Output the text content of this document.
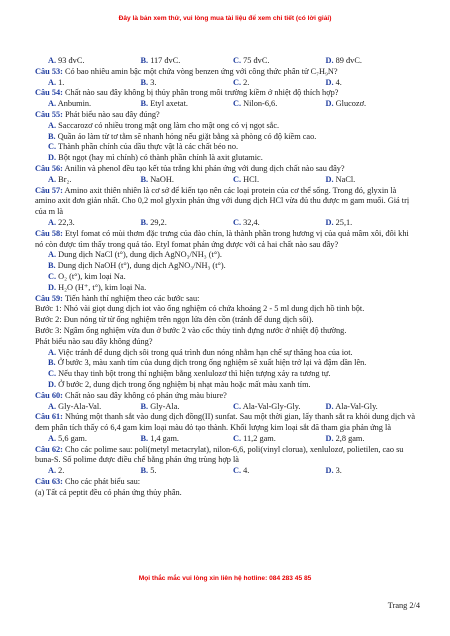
Đây là bản xem thử, vui lòng mua tài liệu để xem chi tiết (có lời giải)
A. 93 đvC.	B. 117 đvC.	C. 75 đvC.	D. 89 đvC.
Câu 53: Có bao nhiêu amin bậc một chứa vòng benzen ứng với công thức phân tử C₇H₉N?
A. 1.	B. 3.	C. 2.	D. 4.
Câu 54: Chất nào sau đây không bị thủy phân trong môi trường kiềm ở nhiệt độ thích hợp?
A. Anbumin.	B. Etyl axetat.	C. Nilon-6,6.	D. Glucozơ.
Câu 55: Phát biểu nào sau đây đúng?
A. Saccarozơ có nhiều trong mật ong làm cho mật ong có vị ngọt sắc.
B. Quần áo làm từ tơ tằm sẽ nhanh hỏng nếu giặt bằng xà phòng có độ kiềm cao.
C. Thành phần chính của dầu thực vật là các chất béo no.
D. Bột ngọt (hay mì chính) có thành phần chính là axit glutamic.
Câu 56: Anilin và phenol đều tạo kết tủa trắng khi phản ứng với dung dịch chất nào sau đây?
A. Br₂.	B. NaOH.	C. HCl.	D. NaCl.
Câu 57: Amino axit thiên nhiên là cơ sở để kiến tạo nên các loại protein của cơ thể sống. Trong đó, glyxin là amino axit đơn giản nhất. Cho 0,2 mol glyxin phản ứng với dung dịch HCl vừa đủ thu được m gam muối. Giá trị của m là
A. 22,3.	B. 29,2.	C. 32,4.	D. 25,1.
Câu 58: Etyl fomat có mùi thơm đặc trưng của đào chín, là thành phần trong hương vị của quả mâm xôi, đôi khi nó còn được tìm thấy trong quả táo. Etyl fomat phản ứng được với cả hai chất nào sau đây?
A. Dung dịch NaCl (t°), dung dịch AgNO₃/NH₃ (t°).
B. Dung dịch NaOH (t°), dung dịch AgNO₃/NH₃ (t°).
C. O₂ (t°), kim loại Na.
D. H₂O (H⁺, t°), kim loại Na.
Câu 59: Tiến hành thí nghiệm theo các bước sau:
Bước 1: Nhỏ vài giọt dung dịch iot vào ống nghiệm có chứa khoảng 2 - 5 ml dung dịch hồ tinh bột.
Bước 2: Đun nóng từ từ ống nghiệm trên ngọn lửa đèn cồn (tránh để dung dịch sôi).
Bước 3: Ngâm ống nghiệm vừa đun ở bước 2 vào cốc thủy tinh đựng nước ở nhiệt độ thường.
Phát biểu nào sau đây không đúng?
A. Việc tránh để dung dịch sôi trong quá trình đun nóng nhằm hạn chế sự thăng hoa của iot.
B. Ở bước 3, màu xanh tím của dung dịch trong ống nghiệm sẽ xuất hiện trở lại và đậm dần lên.
C. Nếu thay tinh bột trong thí nghiệm bằng xenlulozơ thì hiện tượng xảy ra tương tự.
D. Ở bước 2, dung dịch trong ống nghiệm bị nhạt màu hoặc mất màu xanh tím.
Câu 60: Chất nào sau đây không có phản ứng màu biure?
A. Gly-Ala-Val.	B. Gly-Ala.	C. Ala-Val-Gly-Gly.	D. Ala-Val-Gly.
Câu 61: Nhúng một thanh sắt vào dung dịch đồng(II) sunfat. Sau một thời gian, lấy thanh sắt ra khỏi dung dịch và đem phân tích thấy có 6,4 gam kim loại màu đỏ tạo thành. Khối lượng kim loại sắt đã tham gia phản ứng là
A. 5,6 gam.	B. 1,4 gam.	C. 11,2 gam.	D. 2,8 gam.
Câu 62: Cho các polime sau: poli(metyl metacrylat), nilon-6,6, poli(vinyl clorua), xenlulozơ, polietilen, cao su buna-S. Số polime được điều chế bằng phản ứng trùng hợp là
A. 2.	B. 5.	C. 4.	D. 3.
Câu 63: Cho các phát biểu sau:
(a) Tất cả peptit đều có phản ứng thủy phân.
Mọi thắc mắc vui lòng xin liên hệ hotline: 084 283 45 85
Trang 2/4
